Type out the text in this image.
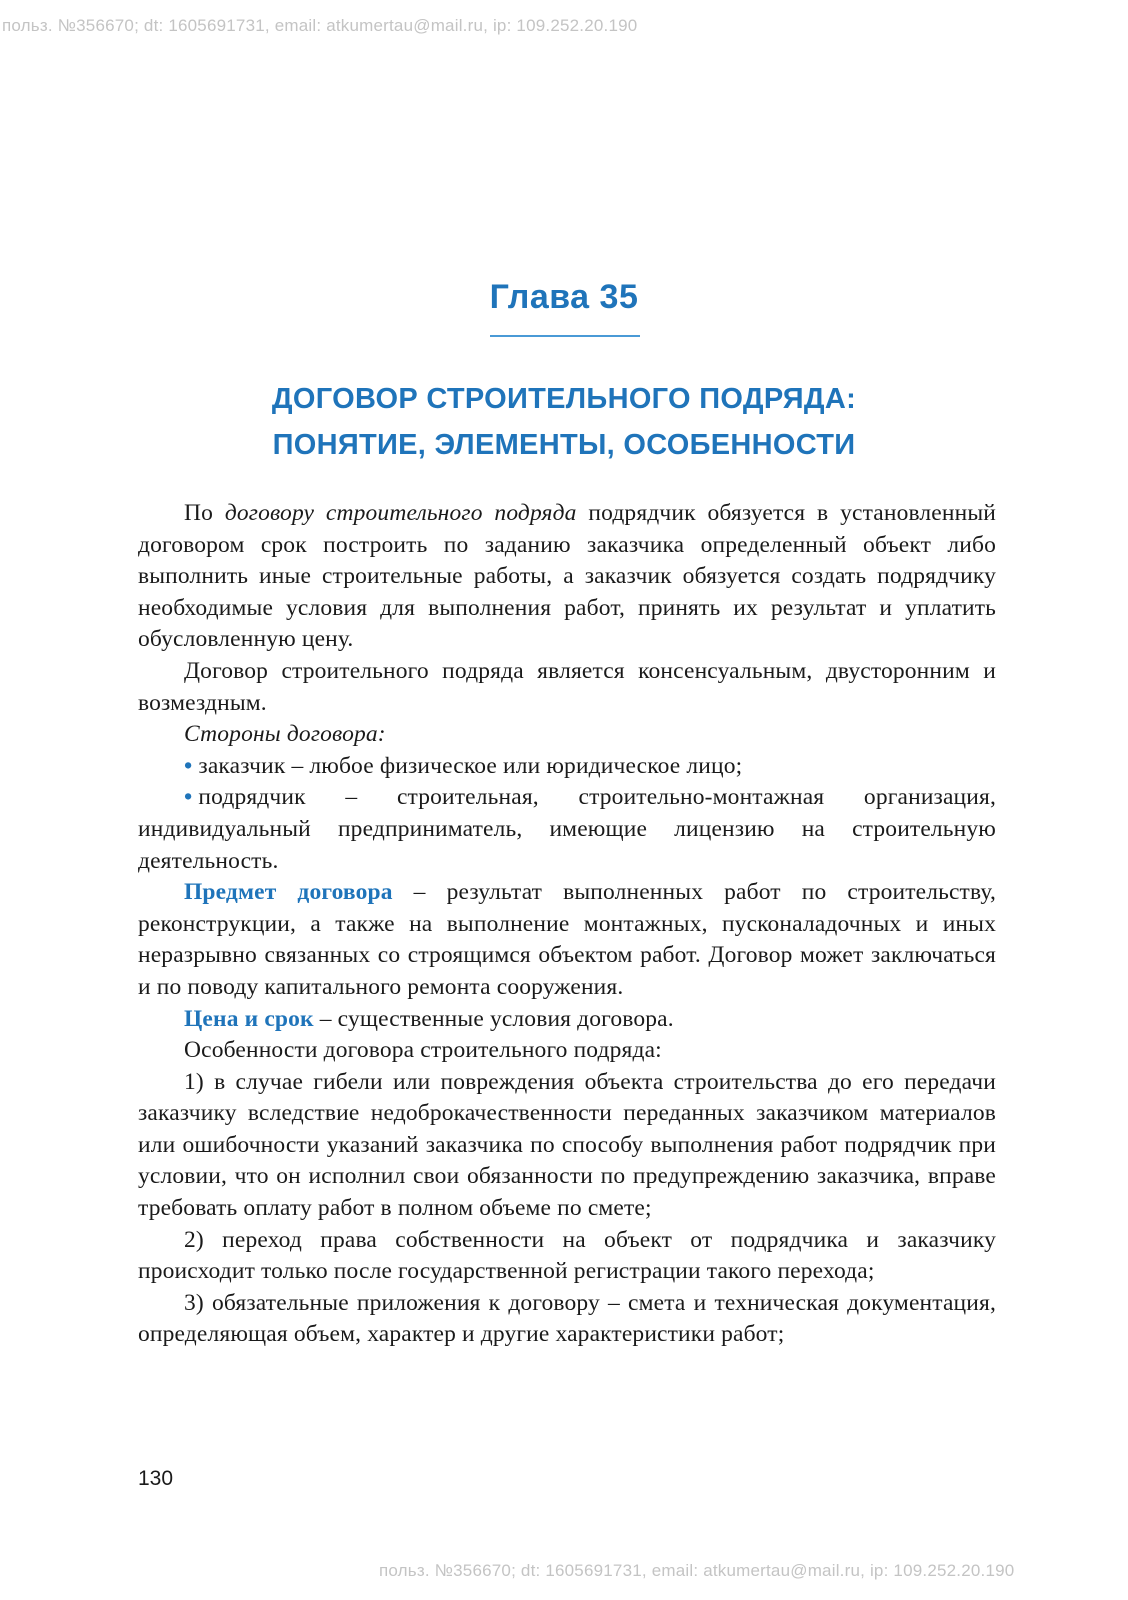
польз. №356670; dt: 1605691731, email: atkumertau@mail.ru, ip: 109.252.20.190
Глава 35
ДОГОВОР СТРОИТЕЛЬНОГО ПОДРЯДА:
ПОНЯТИЕ, ЭЛЕМЕНТЫ, ОСОБЕННОСТИ

По договору строительного подряда подрядчик обязуется в установленный договором срок построить по заданию заказчика определенный объект либо выполнить иные строительные работы, а заказчик обязуется создать подрядчику необходимые условия для выполнения работ, принять их результат и уплатить обусловленную цену.

Договор строительного подряда является консенсуальным, двусторонним и возмездным.

Стороны договора:

• заказчик – любое физическое или юридическое лицо;

• подрядчик – строительная, строительно-монтажная организация, индивидуальный предприниматель, имеющие лицензию на строительную деятельность.

Предмет договора – результат выполненных работ по строительству, реконструкции, а также на выполнение монтажных, пусконаладочных и иных неразрывно связанных со строящимся объектом работ. Договор может заключаться и по поводу капитального ремонта сооружения.

Цена и срок – существенные условия договора.

Особенности договора строительного подряда:

1) в случае гибели или повреждения объекта строительства до его передачи заказчику вследствие недоброкачественности переданных заказчиком материалов или ошибочности указаний заказчика по способу выполнения работ подрядчик при условии, что он исполнил свои обязанности по предупреждению заказчика, вправе требовать оплату работ в полном объеме по смете;

2) переход права собственности на объект от подрядчика и заказчику происходит только после государственной регистрации такого перехода;

3) обязательные приложения к договору – смета и техническая документация, определяющая объем, характер и другие характеристики работ;

130
польз. №356670; dt: 1605691731, email: atkumertau@mail.ru, ip: 109.252.20.190
